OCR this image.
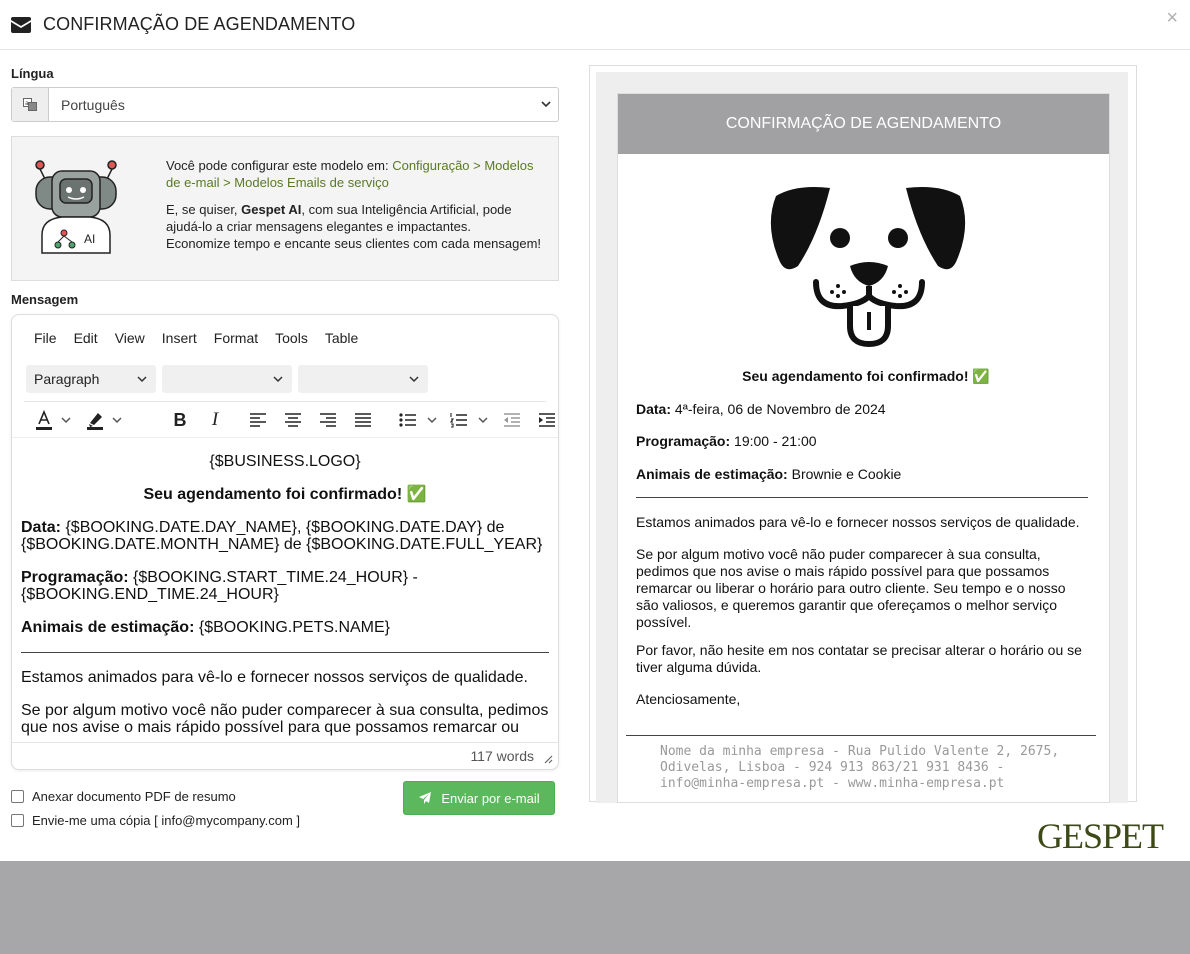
CONFIRMAÇÃO DE AGENDAMENTO	×
Língua
a Português
AI

Você pode configurar este modelo em: Configuração > Modelos de e-mail > Modelos Emails de serviço

E, se quiser, Gespet AI, com sua Inteligência Artificial, pode ajudá-lo a criar mensagens elegantes e impactantes.
Economize tempo e encante seus clientes com cada mensagem!

Mensagem
File Edit View Insert Format Tools Table
Paragraph
B I

{$BUSINESS.LOGO}

Seu agendamento foi confirmado! ✅

Data: {$BOOKING.DATE.DAY_NAME}, {$BOOKING.DATE.DAY} de {$BOOKING.DATE.MONTH_NAME} de {$BOOKING.DATE.FULL_YEAR}

Programação: {$BOOKING.START_TIME.24_HOUR} - {$BOOKING.END_TIME.24_HOUR}

Animais de estimação: {$BOOKING.PETS.NAME}

Estamos animados para vê-lo e fornecer nossos serviços de qualidade.

Se por algum motivo você não puder comparecer à sua consulta, pedimos que nos avise o mais rápido possível para que possamos remarcar ou

117 words
Anexar documento PDF de resumo
Envie-me uma cópia [ info@mycompany.com ]
Enviar por e-mail
CONFIRMAÇÃO DE AGENDAMENTO
Seu agendamento foi confirmado! ✅
Data: 4ª-feira, 06 de Novembro de 2024
Programação: 19:00 - 21:00
Animais de estimação: Brownie e Cookie
Estamos animados para vê-lo e fornecer nossos serviços de qualidade.
Se por algum motivo você não puder comparecer à sua consulta, pedimos que nos avise o mais rápido possível para que possamos remarcar ou liberar o horário para outro cliente. Seu tempo e o nosso são valiosos, e queremos garantir que ofereçamos o melhor serviço possível.
Por favor, não hesite em nos contatar se precisar alterar o horário ou se tiver alguma dúvida.
Atenciosamente,
Nome da minha empresa - Rua Pulido Valente 2, 2675, Odivelas, Lisboa - 924 913 863/21 931 8436 - info@minha-empresa.pt - www.minha-empresa.pt
GESPET
